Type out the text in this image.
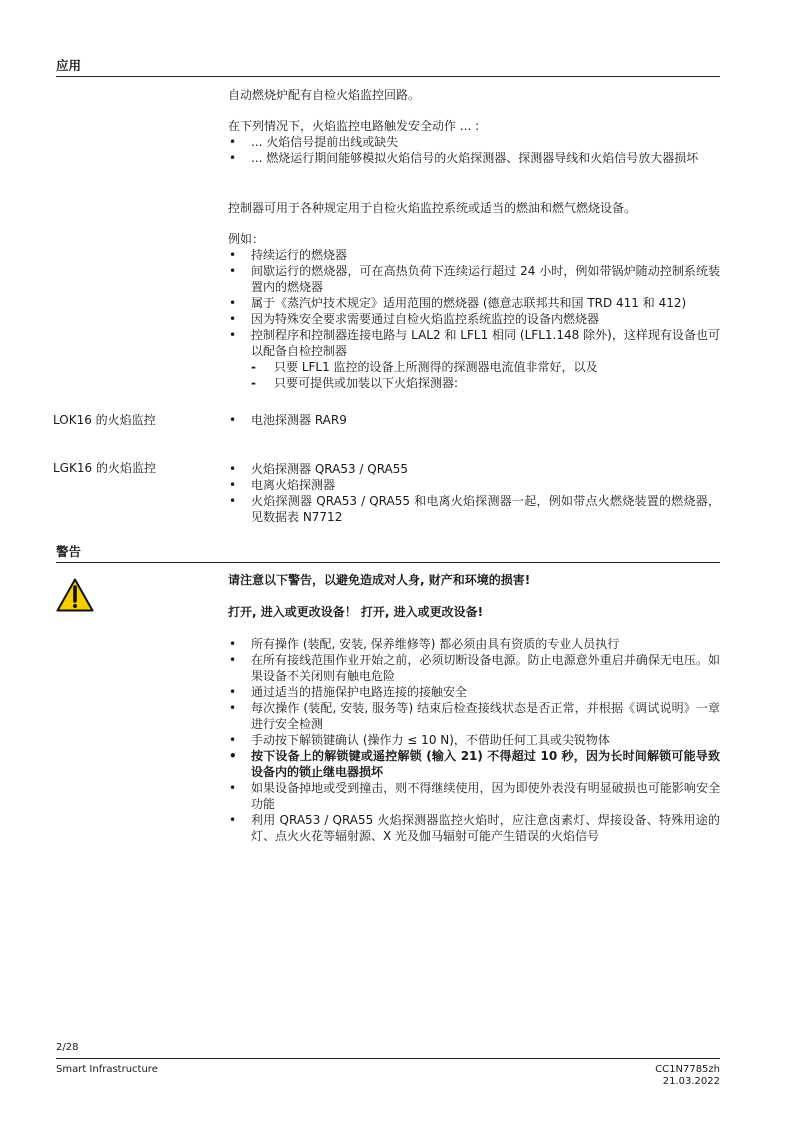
应用

自动燃烧炉配有自检火焰监控回路。

在下列情况下，火焰监控电路触发安全动作 ... :
• ... 火焰信号提前出线或缺失
• ... 燃烧运行期间能够模拟火焰信号的火焰探测器、探测器导线和火焰信号放大器损坏

控制器可用于各种规定用于自检火焰监控系统或适当的燃油和燃气燃烧设备。

例如：
• 持续运行的燃烧器
• 间歇运行的燃烧器，可在高热负荷下连续运行超过 24 小时，例如带锅炉随动控制系统装置内的燃烧器
• 属于《蒸汽炉技术规定》适用范围的燃烧器 (德意志联邦共和国 TRD 411 和 412)
• 因为特殊安全要求需要通过自检火焰监控系统监控的设备内燃烧器
• 控制程序和控制器连接电路与 LAL2 和 LFL1 相同 (LFL1.148 除外)，这样现有设备也可以配备自检控制器
- 只要 LFL1 监控的设备上所测得的探测器电流值非常好，以及
- 只要可提供或加装以下火焰探测器:
LOK16 的火焰监控	• 电池探测器 RAR9
LGK16 的火焰监控	• 火焰探测器 QRA53 / QRA55
• 电离火焰探测器
• 火焰探测器 QRA53 / QRA55 和电离火焰探测器一起，例如带点火燃烧装置的燃烧器，见数据表 N7712
警告

请注意以下警告，以避免造成对人身, 财产和环境的损害!

打开, 进入或更改设备！ 打开, 进入或更改设备!

• 所有操作 (装配, 安装, 保养维修等) 都必须由具有资质的专业人员执行
• 在所有接线范围作业开始之前，必须切断设备电源。防止电源意外重启并确保无电压。如果设备不关闭则有触电危险
• 通过适当的措施保护电路连接的接触安全
• 每次操作 (装配, 安装, 服务等) 结束后检查接线状态是否正常，并根据《调试说明》一章进行安全检测
• 手动按下解锁键确认 (操作力 ≤ 10 N)，不借助任何工具或尖锐物体
• 按下设备上的解锁键或遥控解锁 (输入 21) 不得超过 10 秒，因为长时间解锁可能导致设备内的锁止继电器损坏
• 如果设备掉地或受到撞击，则不得继续使用，因为即使外表没有明显破损也可能影响安全功能
• 利用 QRA53 / QRA55 火焰探测器监控火焰时，应注意卤素灯、焊接设备、特殊用途的灯、点火火花等辐射源、X 光及伽马辐射可能产生错误的火焰信号
2/28
Smart Infrastructure	CC1N7785zh
21.03.2022
